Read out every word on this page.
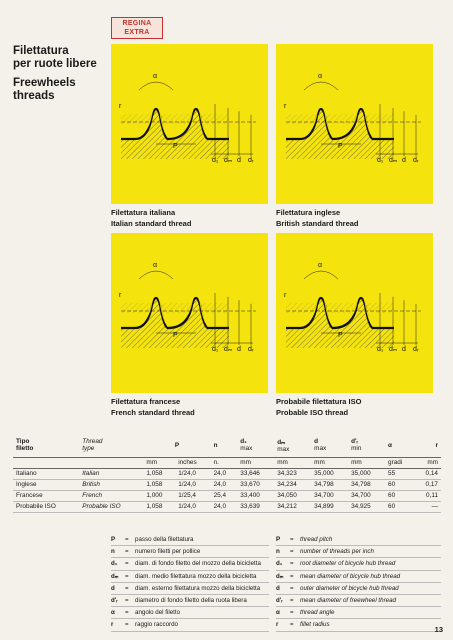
REGINA
EXTRA
Filettatura
per ruote libere
Freewheels
threads
α
r
P
d₁ dₘ d dᵣ
α
r
P
d₁ dₘ d dᵣ
α
r
P
d₁ dₘ d dᵣ
α
r
P
d₁ dₘ d dᵣ
Filettatura italiana
Italian standard thread
Filettatura inglese
British standard thread
Filettatura francese
French standard thread
Probabile filettatura ISO
Probable ISO thread
Tipo
filetto	Thread
type	P		n	d₁
max	dₘ
max	d
max	d'ᵣ
min	α	r
		mm	inches	n.	mm	mm	mm	mm	gradi	mm
Italiano	Italian	1,058	1/24,0	24,0	33,646	34,323	35,000	35,000	55	0,14
Inglese	British	1,058	1/24,0	24,0	33,670	34,234	34,798	34,798	60	0,17
Francese	French	1,000	1/25,4	25,4	33,400	34,050	34,700	34,700	60	0,11
Probabile ISO	Probable ISO	1,058	1/24,0	24,0	33,639	34,212	34,899	34,925	60	—
P	=	passo della filettatura
n	=	numero filetti per pollice
d₁	=	diam. di fondo filetto del mozzo della bicicletta
dₘ	=	diam. medio filettatura mozzo della bicicletta
d	=	diam. esterno filettatura mozzo della bicicletta
d'ᵣ	=	diametro di fondo filetto della ruota libera
α	=	angolo del filetto
r	=	raggio raccordo
P	=	thread pitch
n	=	number of threads per inch
d₁	=	root diameter of bicycle hub thread
dₘ	=	mean diameter of bicycle hub thread
d	=	outer diameter of bicycle hub thread
d'ᵣ	=	mean diameter of freewheel thread
α	=	thread angle
r	=	fillet radius
13
